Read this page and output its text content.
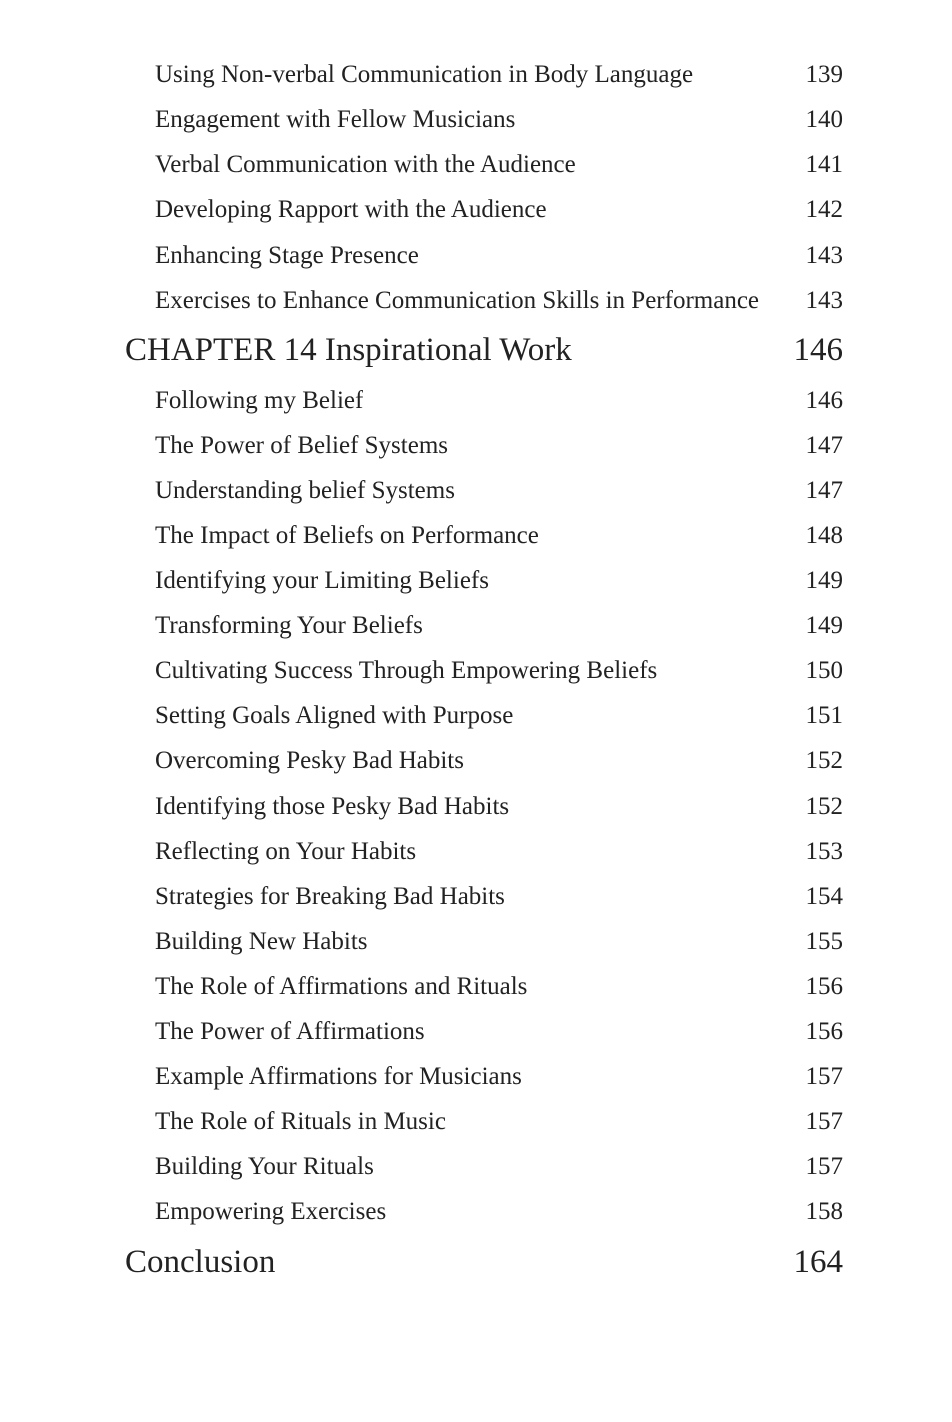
Using Non-verbal Communication in Body Language	139
Engagement with Fellow Musicians	140
Verbal Communication with the Audience	141
Developing Rapport with the Audience	142
Enhancing Stage Presence	143
Exercises to Enhance Communication Skills in Performance	143
CHAPTER 14 Inspirational Work	146
Following my Belief	146
The Power of Belief Systems	147
Understanding belief Systems	147
The Impact of Beliefs on Performance	148
Identifying your Limiting Beliefs	149
Transforming Your Beliefs	149
Cultivating Success Through Empowering Beliefs	150
Setting Goals Aligned with Purpose	151
Overcoming Pesky Bad Habits	152
Identifying those Pesky Bad Habits	152
Reflecting on Your Habits	153
Strategies for Breaking Bad Habits	154
Building New Habits	155
The Role of Affirmations and Rituals	156
The Power of Affirmations	156
Example Affirmations for Musicians	157
The Role of Rituals in Music	157
Building Your Rituals	157
Empowering Exercises	158
Conclusion	164
